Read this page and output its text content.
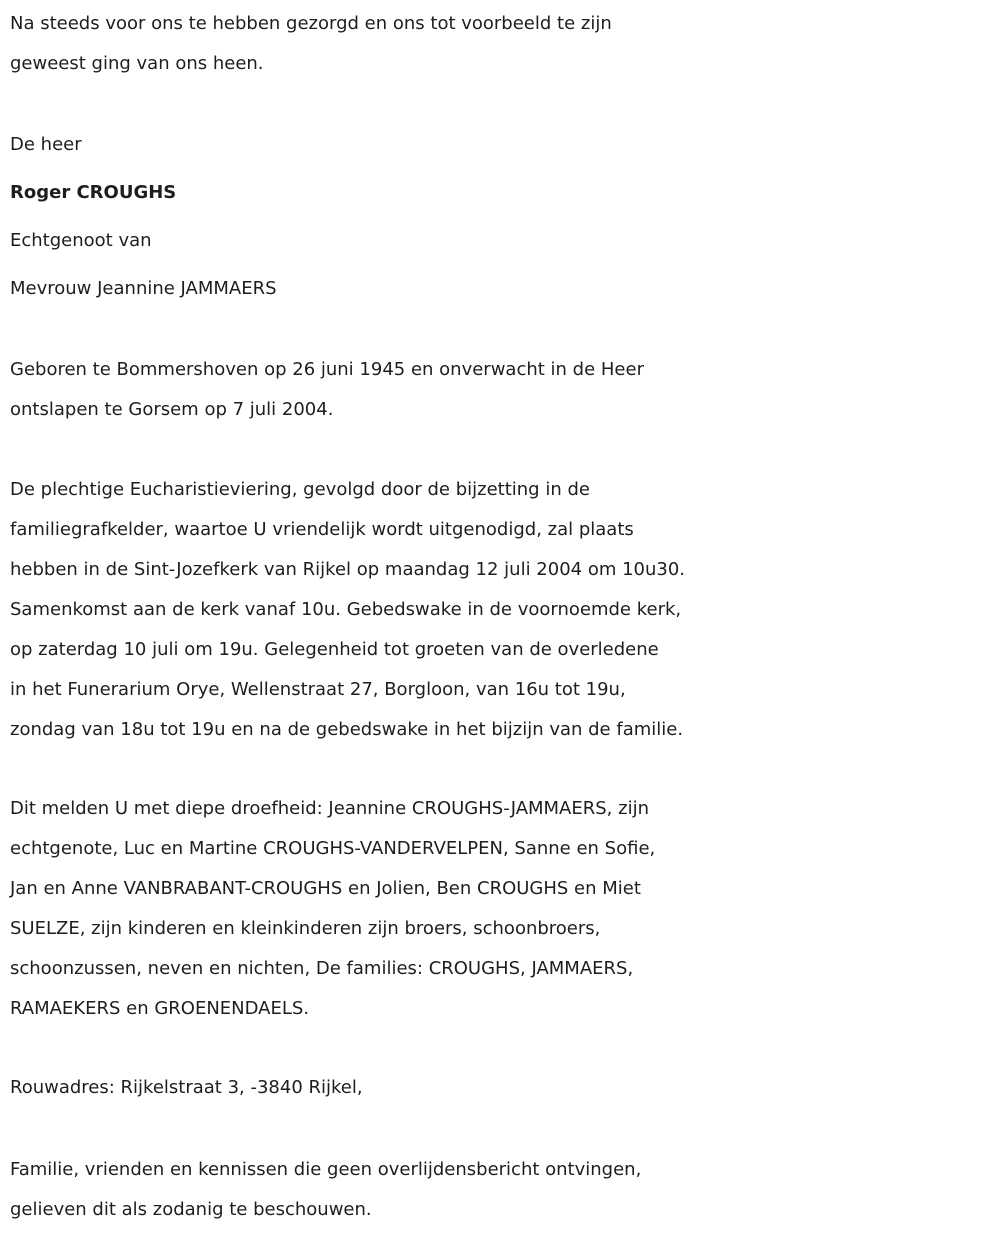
Na steeds voor ons te hebben gezorgd en ons tot voorbeeld te zijn
geweest ging van ons heen.

De heer
Roger CROUGHS
Echtgenoot van
Mevrouw Jeannine JAMMAERS

Geboren te Bommershoven op 26 juni 1945 en onverwacht in de Heer
ontslapen te Gorsem op 7 juli 2004.

De plechtige Eucharistieviering, gevolgd door de bijzetting in de
familiegrafkelder, waartoe U vriendelijk wordt uitgenodigd, zal plaats
hebben in de Sint-Jozefkerk van Rijkel op maandag 12 juli 2004 om 10u30.
Samenkomst aan de kerk vanaf 10u. Gebedswake in de voornoemde kerk,
op zaterdag 10 juli om 19u. Gelegenheid tot groeten van de overledene
in het Funerarium Orye, Wellenstraat 27, Borgloon, van 16u tot 19u,
zondag van 18u tot 19u en na de gebedswake in het bijzijn van de familie.

Dit melden U met diepe droefheid: Jeannine CROUGHS-JAMMAERS, zijn
echtgenote, Luc en Martine CROUGHS-VANDERVELPEN, Sanne en Sofie,
Jan en Anne VANBRABANT-CROUGHS en Jolien, Ben CROUGHS en Miet
SUELZE, zijn kinderen en kleinkinderen zijn broers, schoonbroers,
schoonzussen, neven en nichten, De families: CROUGHS, JAMMAERS,
RAMAEKERS en GROENENDAELS.

Rouwadres: Rijkelstraat 3, -3840 Rijkel,

Familie, vrienden en kennissen die geen overlijdensbericht ontvingen,
gelieven dit als zodanig te beschouwen.
